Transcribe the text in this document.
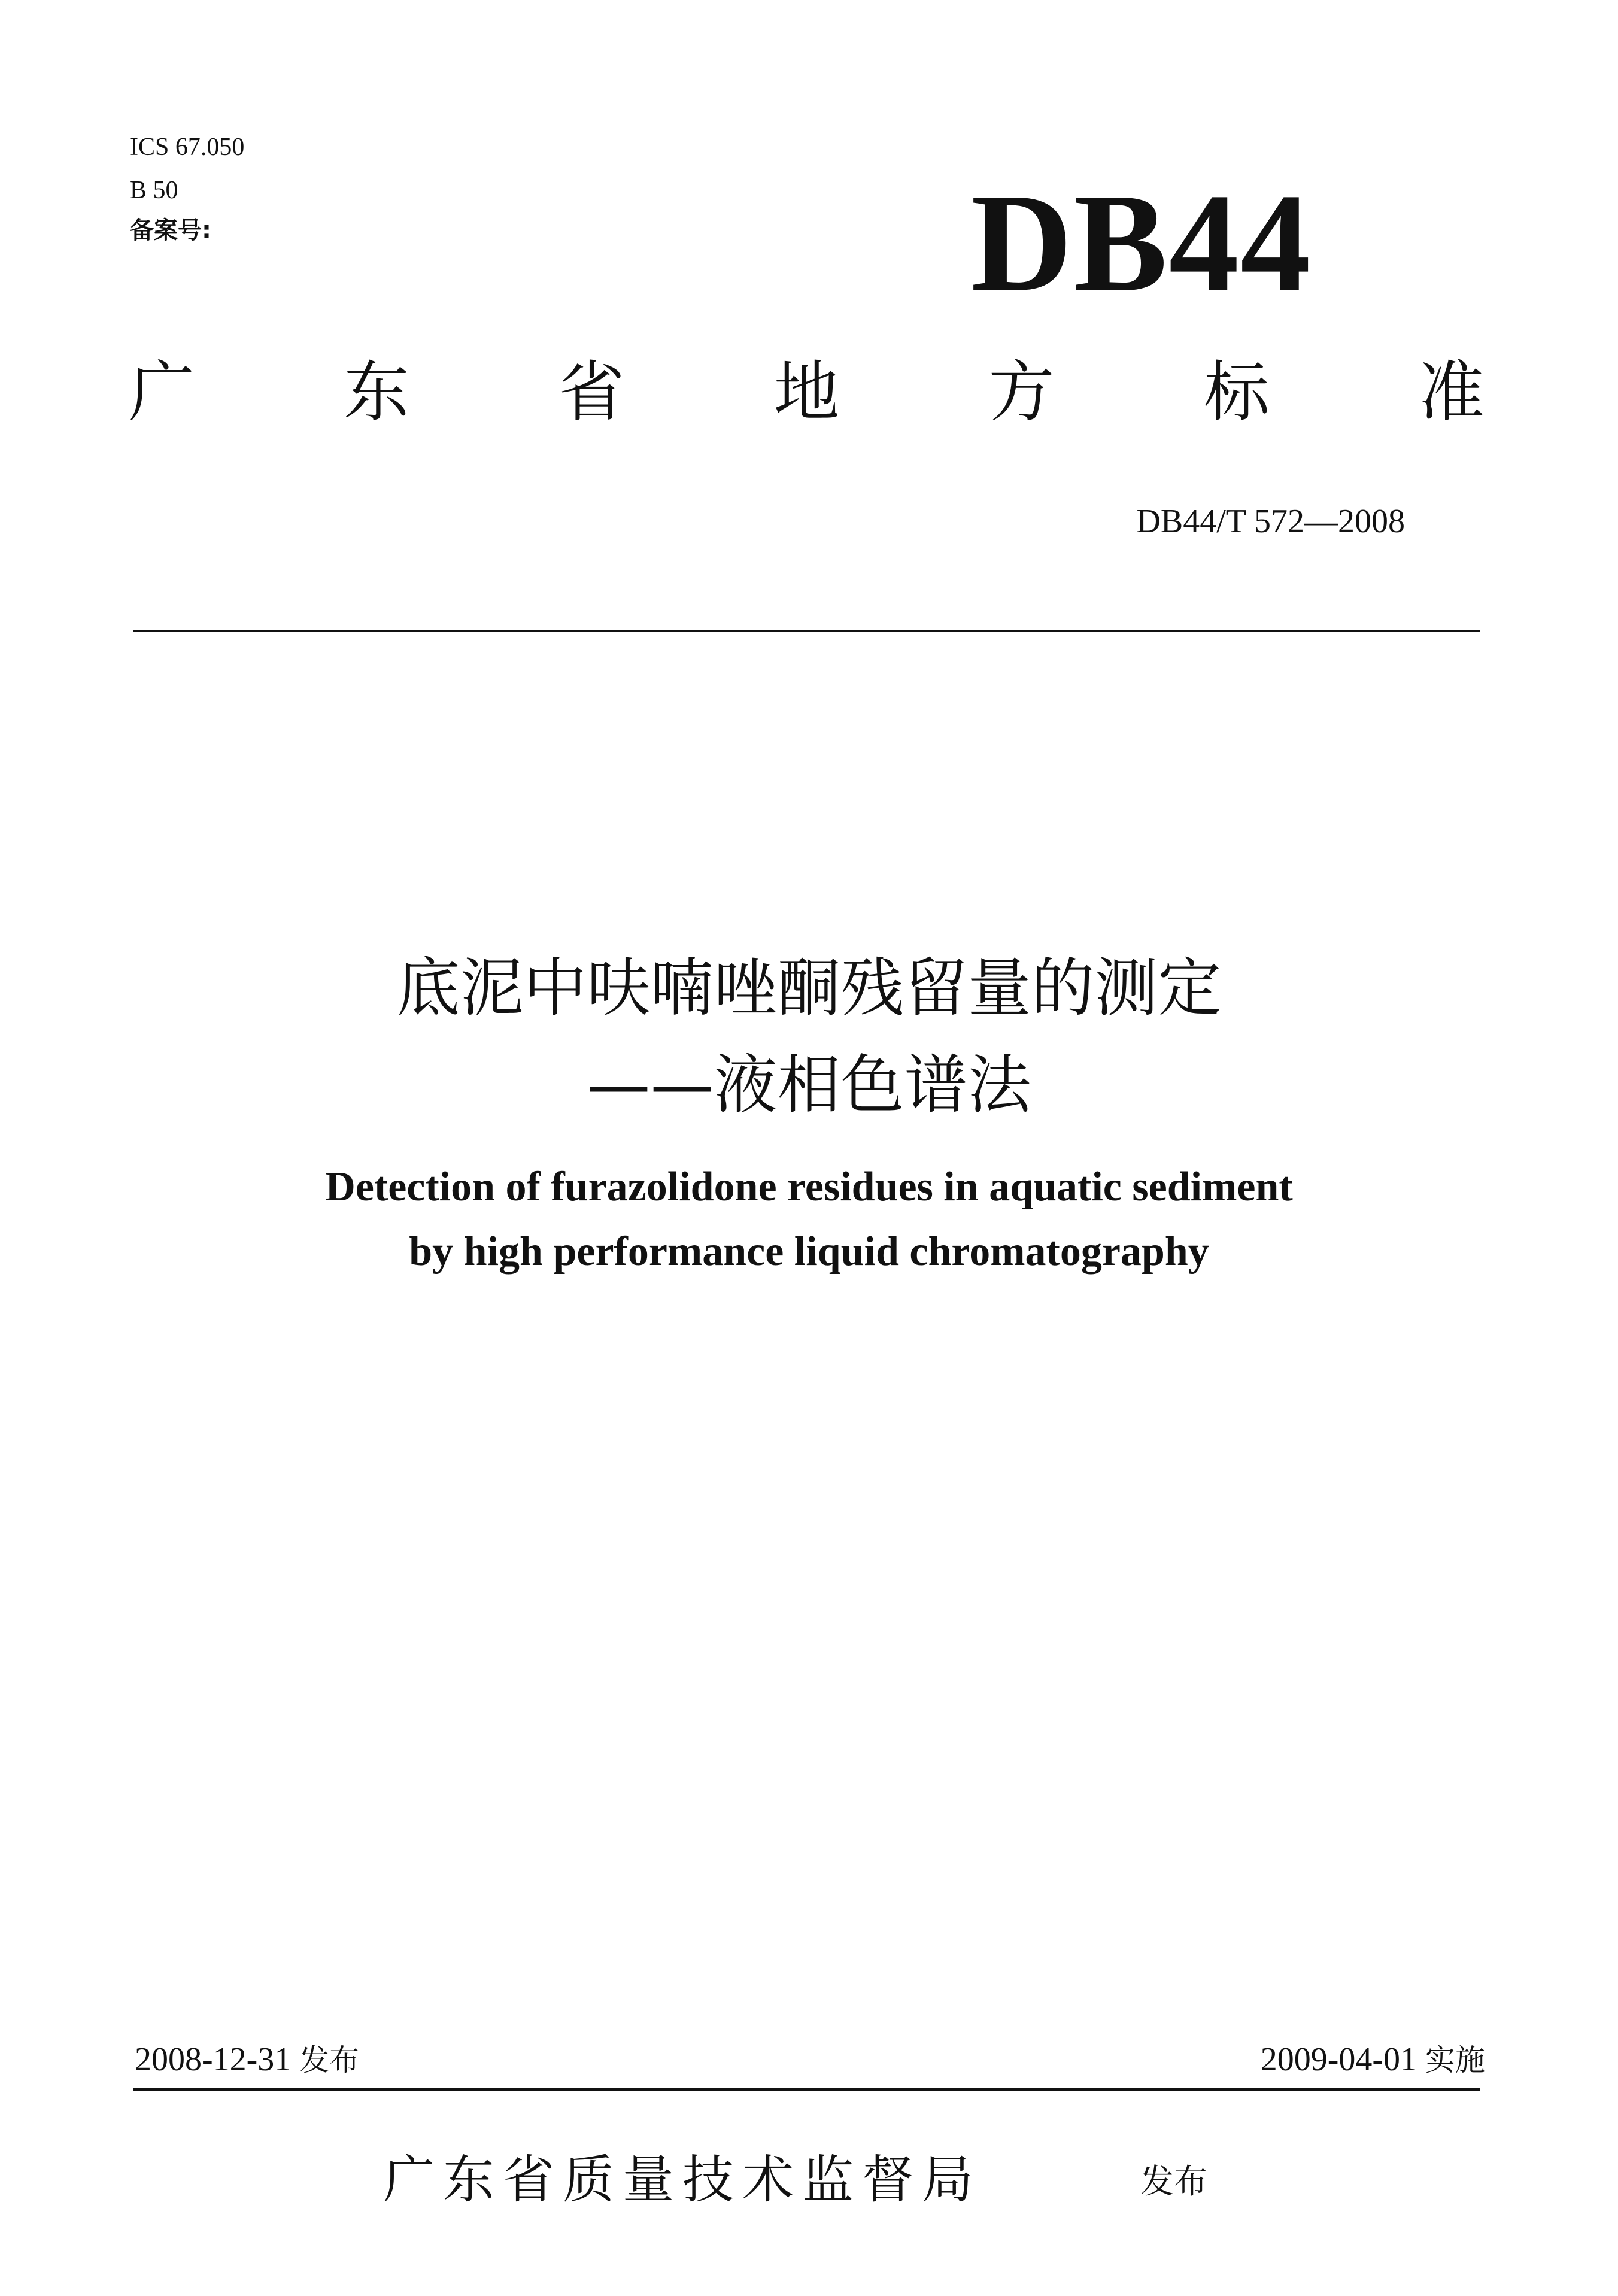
ICS 67.050
B 50
备案号:	DB44
广 东 省 地 方 标 准
DB44/T 572—2008
底泥中呋喃唑酮残留量的测定
——液相色谱法
Detection of furazolidone residues in aquatic sediment
by high performance liquid chromatography
2008-12-31 发布	2009-04-01 实施
广东省质量技术监督局	发布
